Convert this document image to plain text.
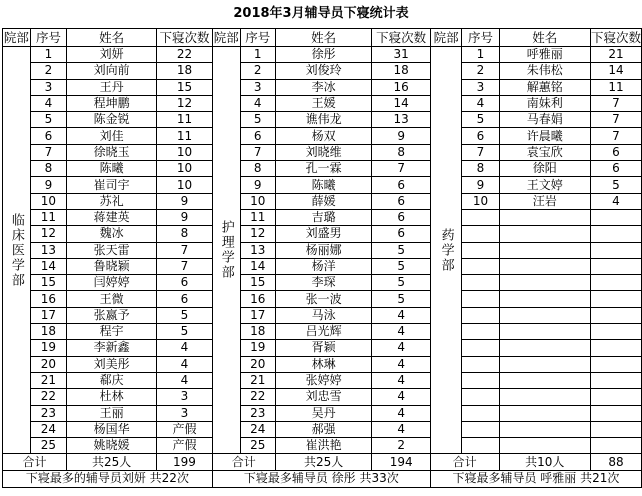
2018年3月辅导员下寝统计表
院部	序号	姓名	下寝次数	院部	序号	姓名	下寝次数	院部	序号	姓名	下寝次数
临床医学部	1	刘妍	22	护理学部	1	徐彤	31	药学部	1	呼雅丽	21
	2	刘向前	18		2	刘俊玲	18		2	朱伟松	14
	3	王丹	15		3	李冰	16		3	解蕙铭	11
	4	程坤鹏	12		4	王媛	14		4	南妹利	7
	5	陈金锐	11		5	谯伟龙	13		5	马春娟	7
	6	刘佳	11		6	杨双	9		6	许晨曦	7
	7	徐晓玉	10		7	刘晓维	8		7	袁宝欣	6
	8	陈曦	10		8	孔一霖	7		8	徐阳	6
	9	崔司宇	10		9	陈曦	6		9	王文婷	5
	10	苏礼	9		10	薛媛	6		10	汪岩	4
	11	蒋建英	9		11	吉璐	6				
	12	魏冰	8		12	刘盛男	6				
	13	张天雷	7		13	杨丽娜	5				
	14	鲁晓颖	7		14	杨洋	5				
	15	闫婷婷	6		15	李琛	5				
	16	王微	6		16	张一波	5				
	17	张嬴予	5		17	马泳	4				
	18	程宇	5		18	吕光辉	4				
	19	李新鑫	4		19	胥颖	4				
	20	刘美彤	4		20	林琳	4				
	21	郗庆	4		21	张婷婷	4				
	22	杜林	3		22	刘忠雪	4				
	23	王丽	3		23	吴丹	4				
	24	杨国华	产假		24	郝强	4				
	25	姚晓媛	产假		25	崔洪艳	2				
合计		共25人	199	合计		共25人	194	合计		共10人	88
下寝最多的辅导员刘妍 共22次				下寝最多辅导员 徐彤 共33次				下寝最多辅导员 呼雅丽 共21次			
